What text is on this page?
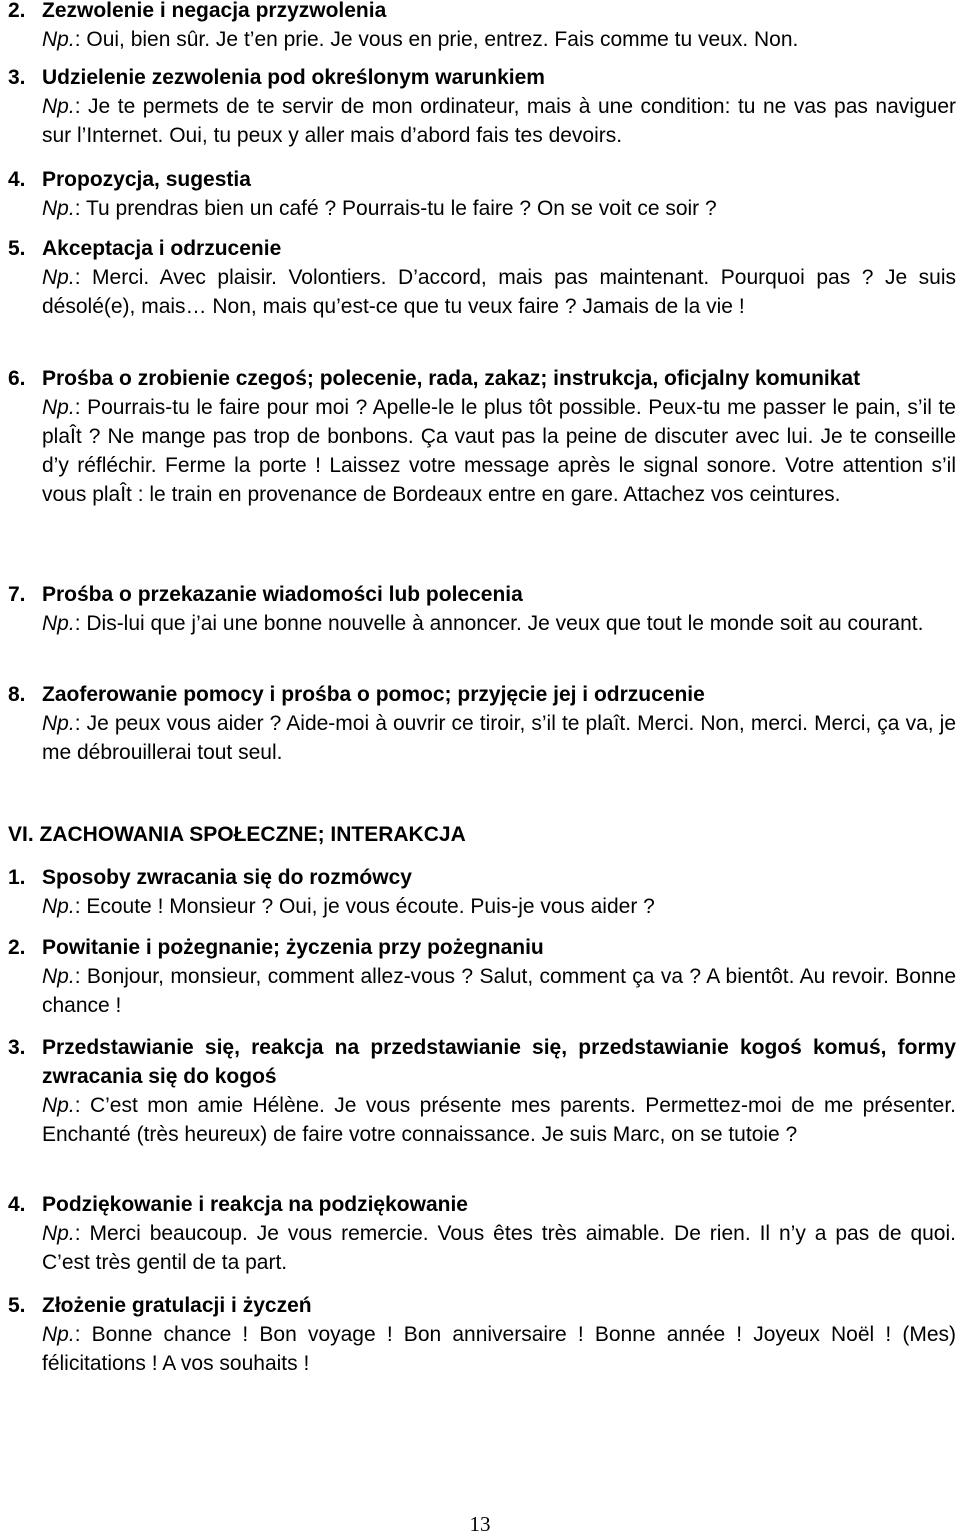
2. Zezwolenie i negacja przyzwolenia
Np.: Oui, bien sûr. Je t’en prie. Je vous en prie, entrez. Fais comme tu veux. Non.
3. Udzielenie zezwolenia pod określonym warunkiem
Np.: Je te permets de te servir de mon ordinateur, mais à une condition: tu ne vas pas naviguer sur l’Internet. Oui, tu peux y aller mais d’abord fais tes devoirs.
4. Propozycja, sugestia
Np.: Tu prendras bien un café ? Pourrais-tu le faire ? On se voit ce soir ?
5. Akceptacja i odrzucenie
Np.: Merci. Avec plaisir. Volontiers. D’accord, mais pas maintenant. Pourquoi pas ? Je suis désolé(e), mais… Non, mais qu’est-ce que tu veux faire ? Jamais de la vie !
6. Prośba o zrobienie czegoś; polecenie, rada, zakaz; instrukcja, oficjalny komunikat
Np.: Pourrais-tu le faire pour moi ? Apelle-le le plus tôt possible. Peux-tu me passer le pain, s’il te plaÎt ? Ne mange pas trop de bonbons. Ça vaut pas la peine de discuter avec lui. Je te conseille d’y réfléchir. Ferme la porte ! Laissez votre message après le signal sonore. Votre attention s’il vous plaÎt : le train en provenance de Bordeaux entre en gare. Attachez vos ceintures.
7. Prośba o przekazanie wiadomości lub polecenia
Np.: Dis-lui que j’ai une bonne nouvelle à annoncer. Je veux que tout le monde soit au courant.
8. Zaoferowanie pomocy i prośba o pomoc; przyjęcie jej i odrzucenie
Np.: Je peux vous aider ? Aide-moi à ouvrir ce tiroir, s’il te plaît. Merci. Non, merci. Merci, ça va, je me débrouillerai tout seul.
VI. ZACHOWANIA SPOŁECZNE; INTERAKCJA
1. Sposoby zwracania się do rozmówcy
Np.: Ecoute ! Monsieur ? Oui, je vous écoute. Puis-je vous aider ?
2. Powitanie i pożegnanie; życzenia przy pożegnaniu
Np.: Bonjour, monsieur, comment allez-vous ? Salut, comment ça va ? A bientôt. Au revoir. Bonne chance !
3. Przedstawianie się, reakcja na przedstawianie się, przedstawianie kogoś komuś, formy zwracania się do kogoś
Np.: C’est mon amie Hélène. Je vous présente mes parents. Permettez-moi de me présenter. Enchanté (très heureux) de faire votre connaissance. Je suis Marc, on se tutoie ?
4. Podziękowanie i reakcja na podziękowanie
Np.: Merci beaucoup. Je vous remercie. Vous êtes très aimable. De rien. Il n’y a pas de quoi. C’est très gentil de ta part.
5. Złożenie gratulacji i życzeń
Np.: Bonne chance ! Bon voyage ! Bon anniversaire ! Bonne année ! Joyeux Noël ! (Mes) félicitations ! A vos souhaits !
13
